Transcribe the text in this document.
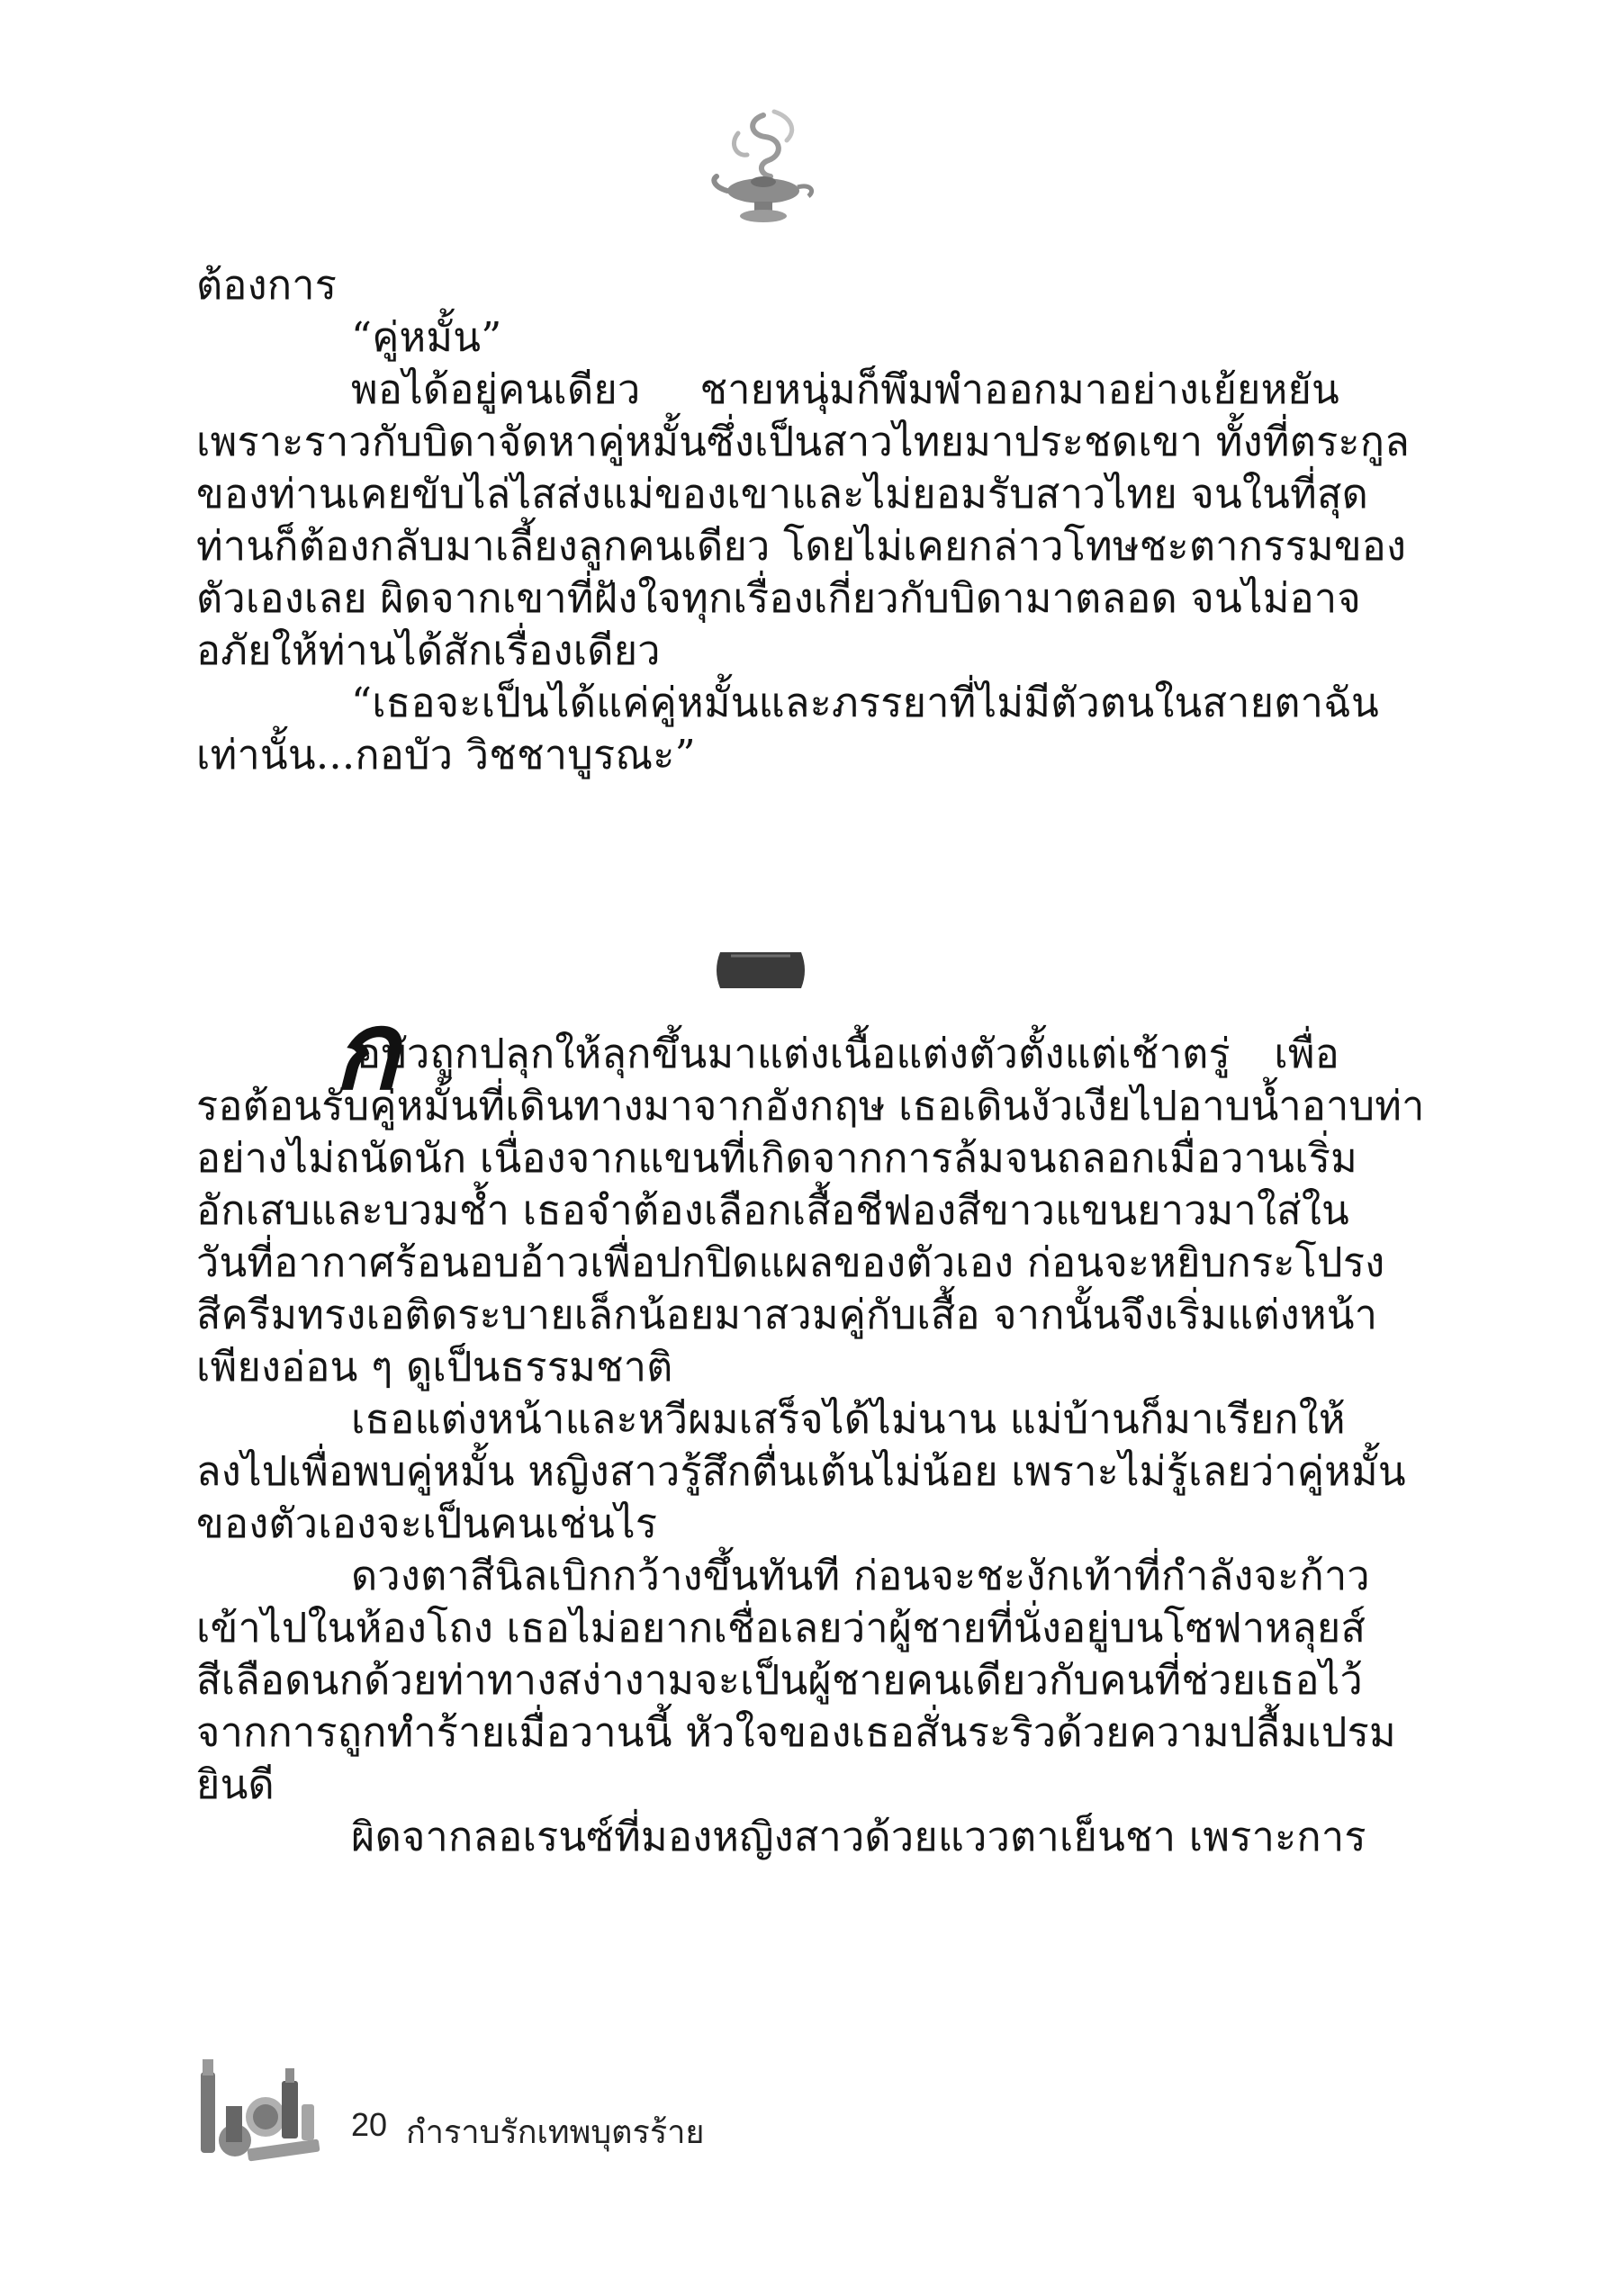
ต้องการ
“คู่หมั้น”
พอได้อยู่คนเดียว ชายหนุ่มก็พึมพำออกมาอย่างเย้ยหยัน
เพราะราวกับบิดาจัดหาคู่หมั้นซึ่งเป็นสาวไทยมาประชดเขา ทั้งที่ตระกูล
ของท่านเคยขับไล่ไสส่งแม่ของเขาและไม่ยอมรับสาวไทย จนในที่สุด
ท่านก็ต้องกลับมาเลี้ยงลูกคนเดียว โดยไม่เคยกล่าวโทษชะตากรรมของ
ตัวเองเลย ผิดจากเขาที่ฝังใจทุกเรื่องเกี่ยวกับบิดามาตลอด จนไม่อาจ
อภัยให้ท่านได้สักเรื่องเดียว
“เธอจะเป็นได้แค่คู่หมั้นและภรรยาที่ไม่มีตัวตนในสายตาฉัน
เท่านั้น...กอบัว วิชชาบูรณะ”
ก
อบัวถูกปลุกให้ลุกขึ้นมาแต่งเนื้อแต่งตัวตั้งแต่เช้าตรู่ เพื่อ
รอต้อนรับคู่หมั้นที่เดินทางมาจากอังกฤษ เธอเดินงัวเงียไปอาบน้ำอาบท่า
อย่างไม่ถนัดนัก เนื่องจากแขนที่เกิดจากการล้มจนถลอกเมื่อวานเริ่ม
อักเสบและบวมช้ำ เธอจำต้องเลือกเสื้อชีฟองสีขาวแขนยาวมาใส่ใน
วันที่อากาศร้อนอบอ้าวเพื่อปกปิดแผลของตัวเอง ก่อนจะหยิบกระโปรง
สีครีมทรงเอติดระบายเล็กน้อยมาสวมคู่กับเสื้อ จากนั้นจึงเริ่มแต่งหน้า
เพียงอ่อน ๆ ดูเป็นธรรมชาติ
เธอแต่งหน้าและหวีผมเสร็จได้ไม่นาน แม่บ้านก็มาเรียกให้
ลงไปเพื่อพบคู่หมั้น หญิงสาวรู้สึกตื่นเต้นไม่น้อย เพราะไม่รู้เลยว่าคู่หมั้น
ของตัวเองจะเป็นคนเช่นไร
ดวงตาสีนิลเบิกกว้างขึ้นทันที ก่อนจะชะงักเท้าที่กำลังจะก้าว
เข้าไปในห้องโถง เธอไม่อยากเชื่อเลยว่าผู้ชายที่นั่งอยู่บนโซฟาหลุยส์
สีเลือดนกด้วยท่าทางสง่างามจะเป็นผู้ชายคนเดียวกับคนที่ช่วยเธอไว้
จากการถูกทำร้ายเมื่อวานนี้ หัวใจของเธอสั่นระริวด้วยความปลื้มเปรม
ยินดี
ผิดจากลอเรนซ์ที่มองหญิงสาวด้วยแววตาเย็นชา เพราะการ
20 กำราบรักเทพบุตรร้าย
